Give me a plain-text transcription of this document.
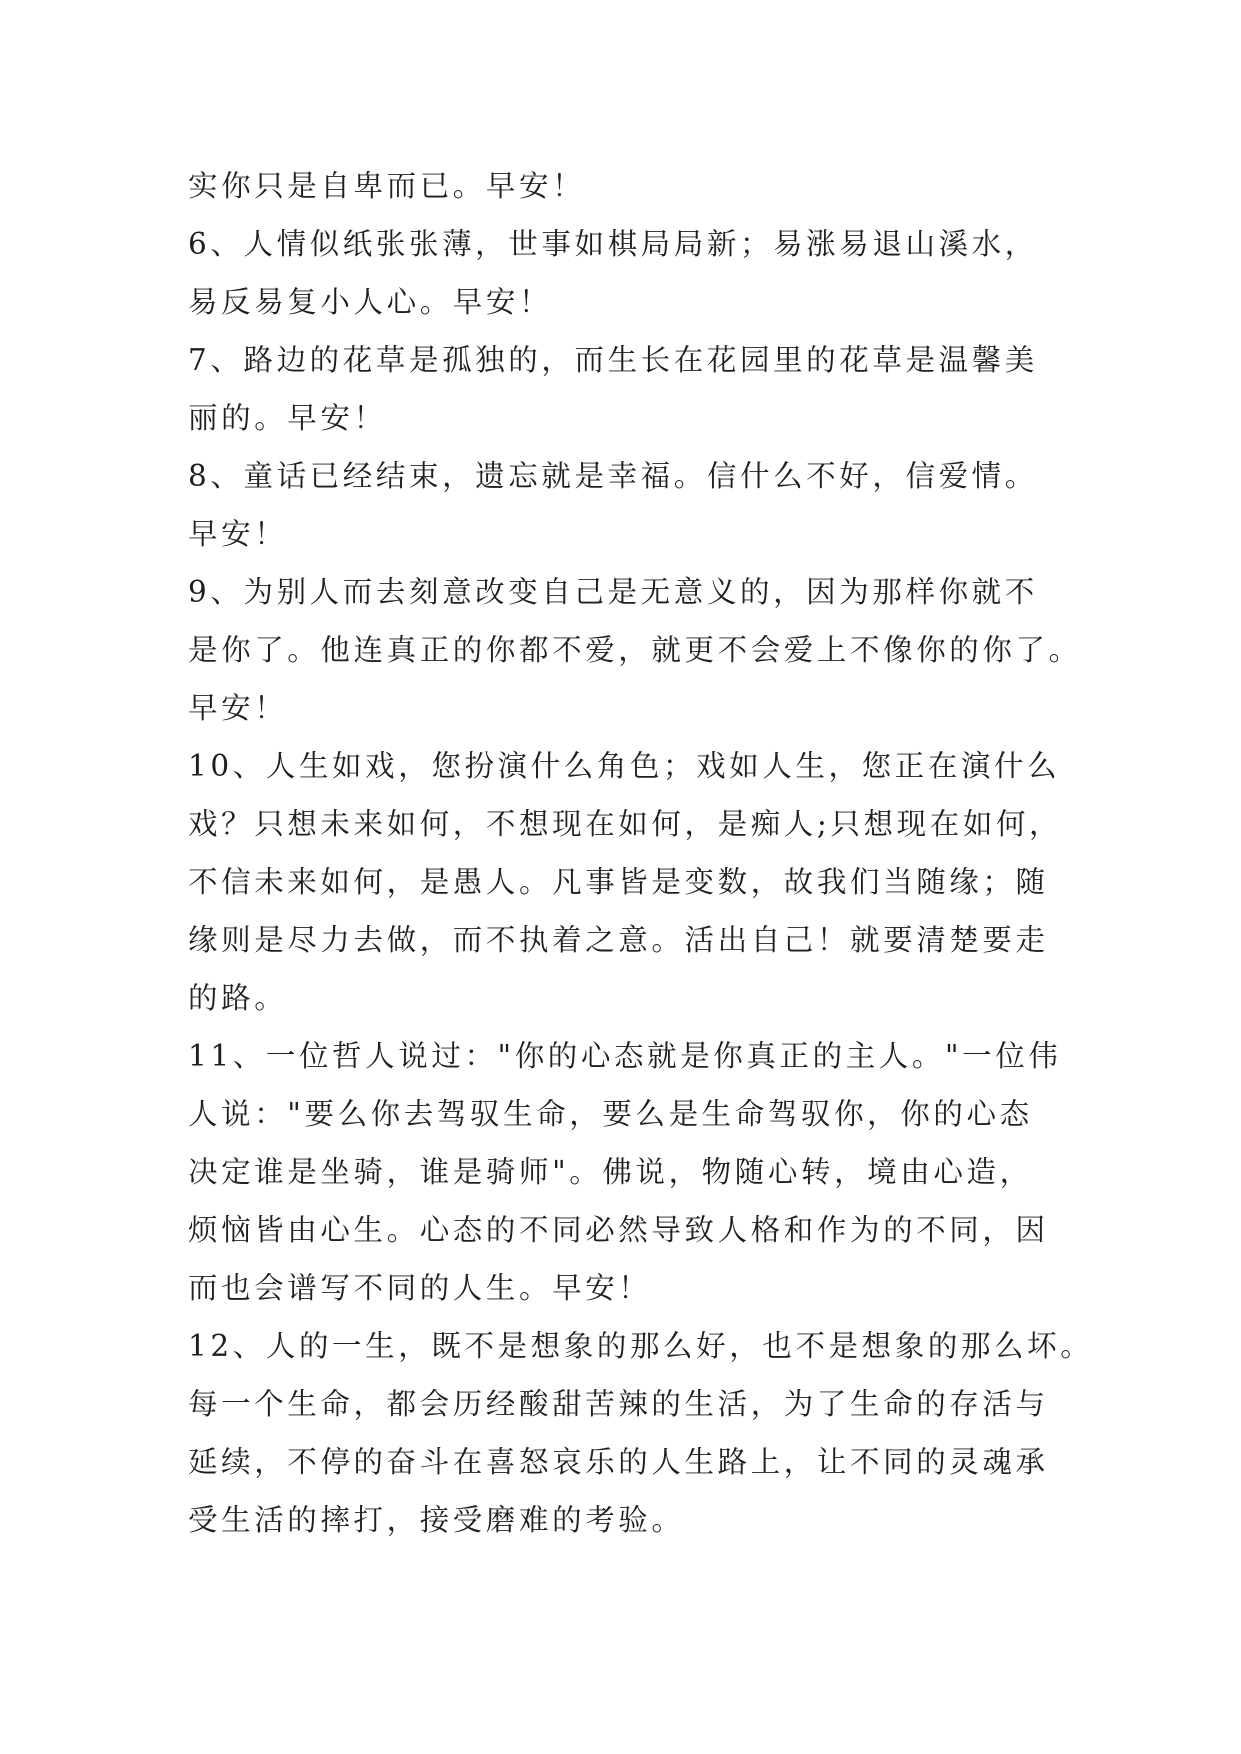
实你只是自卑而已。早安！
6、人情似纸张张薄，世事如棋局局新；易涨易退山溪水，
易反易复小人心。早安！
7、路边的花草是孤独的，而生长在花园里的花草是温馨美
丽的。早安！
8、童话已经结束，遗忘就是幸福。信什么不好，信爱情。
早安！
9、为别人而去刻意改变自己是无意义的，因为那样你就不
是你了。他连真正的你都不爱，就更不会爱上不像你的你了。
早安！
10、人生如戏，您扮演什么角色；戏如人生，您正在演什么
戏？只想未来如何，不想现在如何，是痴人;只想现在如何，
不信未来如何，是愚人。凡事皆是变数，故我们当随缘；随
缘则是尽力去做，而不执着之意。活出自己！就要清楚要走
的路。
11、一位哲人说过："你的心态就是你真正的主人。"一位伟
人说："要么你去驾驭生命，要么是生命驾驭你，你的心态
决定谁是坐骑，谁是骑师"。佛说，物随心转，境由心造，
烦恼皆由心生。心态的不同必然导致人格和作为的不同，因
而也会谱写不同的人生。早安！
12、人的一生，既不是想象的那么好，也不是想象的那么坏。
每一个生命，都会历经酸甜苦辣的生活，为了生命的存活与
延续，不停的奋斗在喜怒哀乐的人生路上，让不同的灵魂承
受生活的摔打，接受磨难的考验。
